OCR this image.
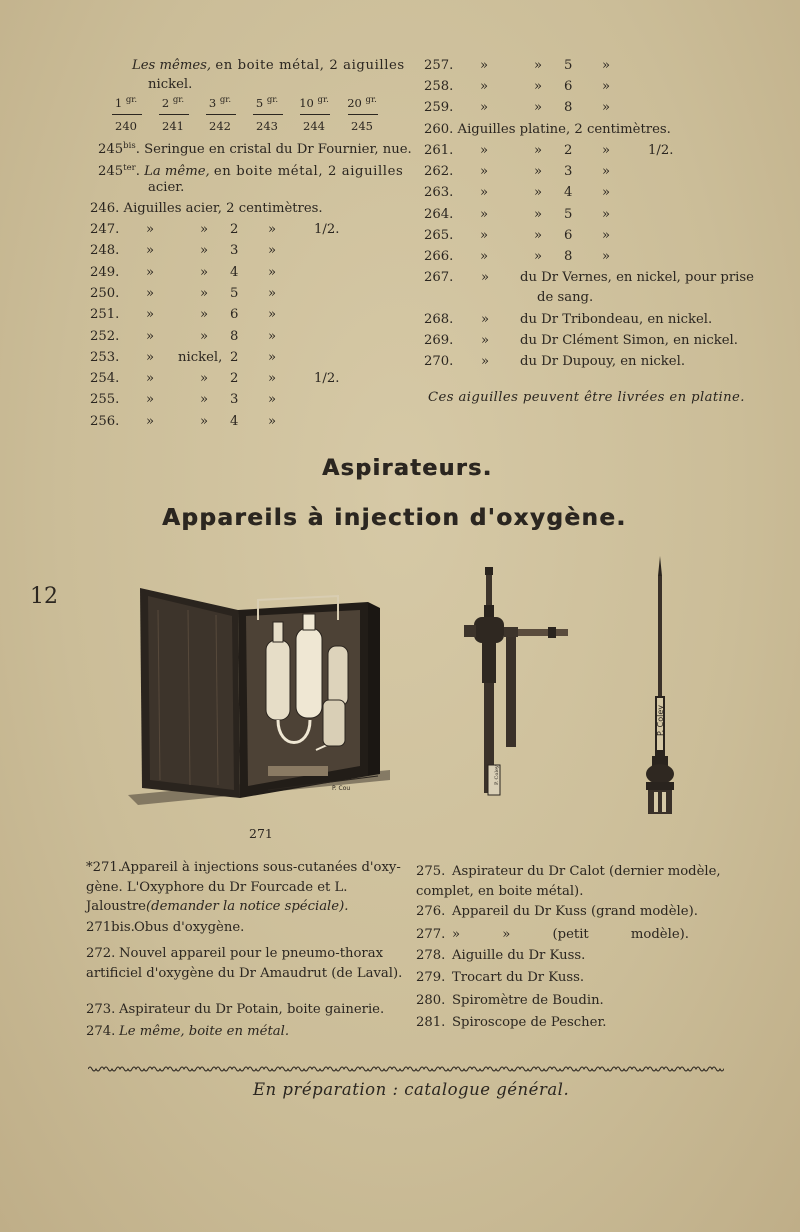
Les mêmes, en boite métal, 2 aiguilles
nickel.
1 $^{gr.}$	2 $^{gr.}$	3 $^{gr.}$	5 $^{gr.}$	10 $^{gr.}$ 20 $^{gr.}$
240	241	242	243	244	245
$245^{bis}$. Seringue en cristal du Dr Fournier, nue.
$245^{ter}$. La même, en boite métal, 2 aiguilles
acier.
246. Aiguilles acier, 2 centimètres.
247. »	» 2 »	1/2.
248. »	» 3 »
249. »	» 4 »
250. »	» 5 »
251. »	» 6 »
252. »	» 8 »
253. » nickel, 2 »
254. »	» 2 »	1/2.
255. »	» 3 »
256. »	» 4 »
257. »	» 5 »
258. »	» 6 »
259. »	» 8 »
260. Aiguilles platine, 2 centimètres.
261. »	» 2 »	1/2.
262. »	» 3 »
263. »	» 4 »
264. »	» 5 »
265. »	» 6 »
266. »	» 8 »
267. » du Dr Vernes, en nickel, pour prise
de sang.
268. » du Dr Tribondeau, en nickel.
269. » du Dr Clément Simon, en nickel.
270. » du Dr Dupouy, en nickel.
Ces aiguilles peuvent être livrées en platine.
Aspirateurs.
Appareils à injection d'oxygène.
12
P. Cou
P. Coley
P. Coley
271
*271.Appareil à injections sous-cutanées d'oxy-gène. L'Oxyphore du Dr Fourcade et L. Jaloustre(demander la notice spéciale).
271bis.Obus d'oxygène.
272. Nouvel appareil pour le pneumo-thorax artificiel d'oxygène du Dr Amaudrut (de Laval).
273. Aspirateur du Dr Potain, boite gainerie.
274. Le même, boite en métal.
275. Aspirateur du Dr Calot (dernier modèle, complet, en boite métal).
276. Appareil du Dr Kuss (grand modèle).
277. » » (petit modèle).
278. Aiguille du Dr Kuss.
279. Trocart du Dr Kuss.
280. Spiromètre de Boudin.
281. Spiroscope de Pescher.
En préparation : catalogue général.
